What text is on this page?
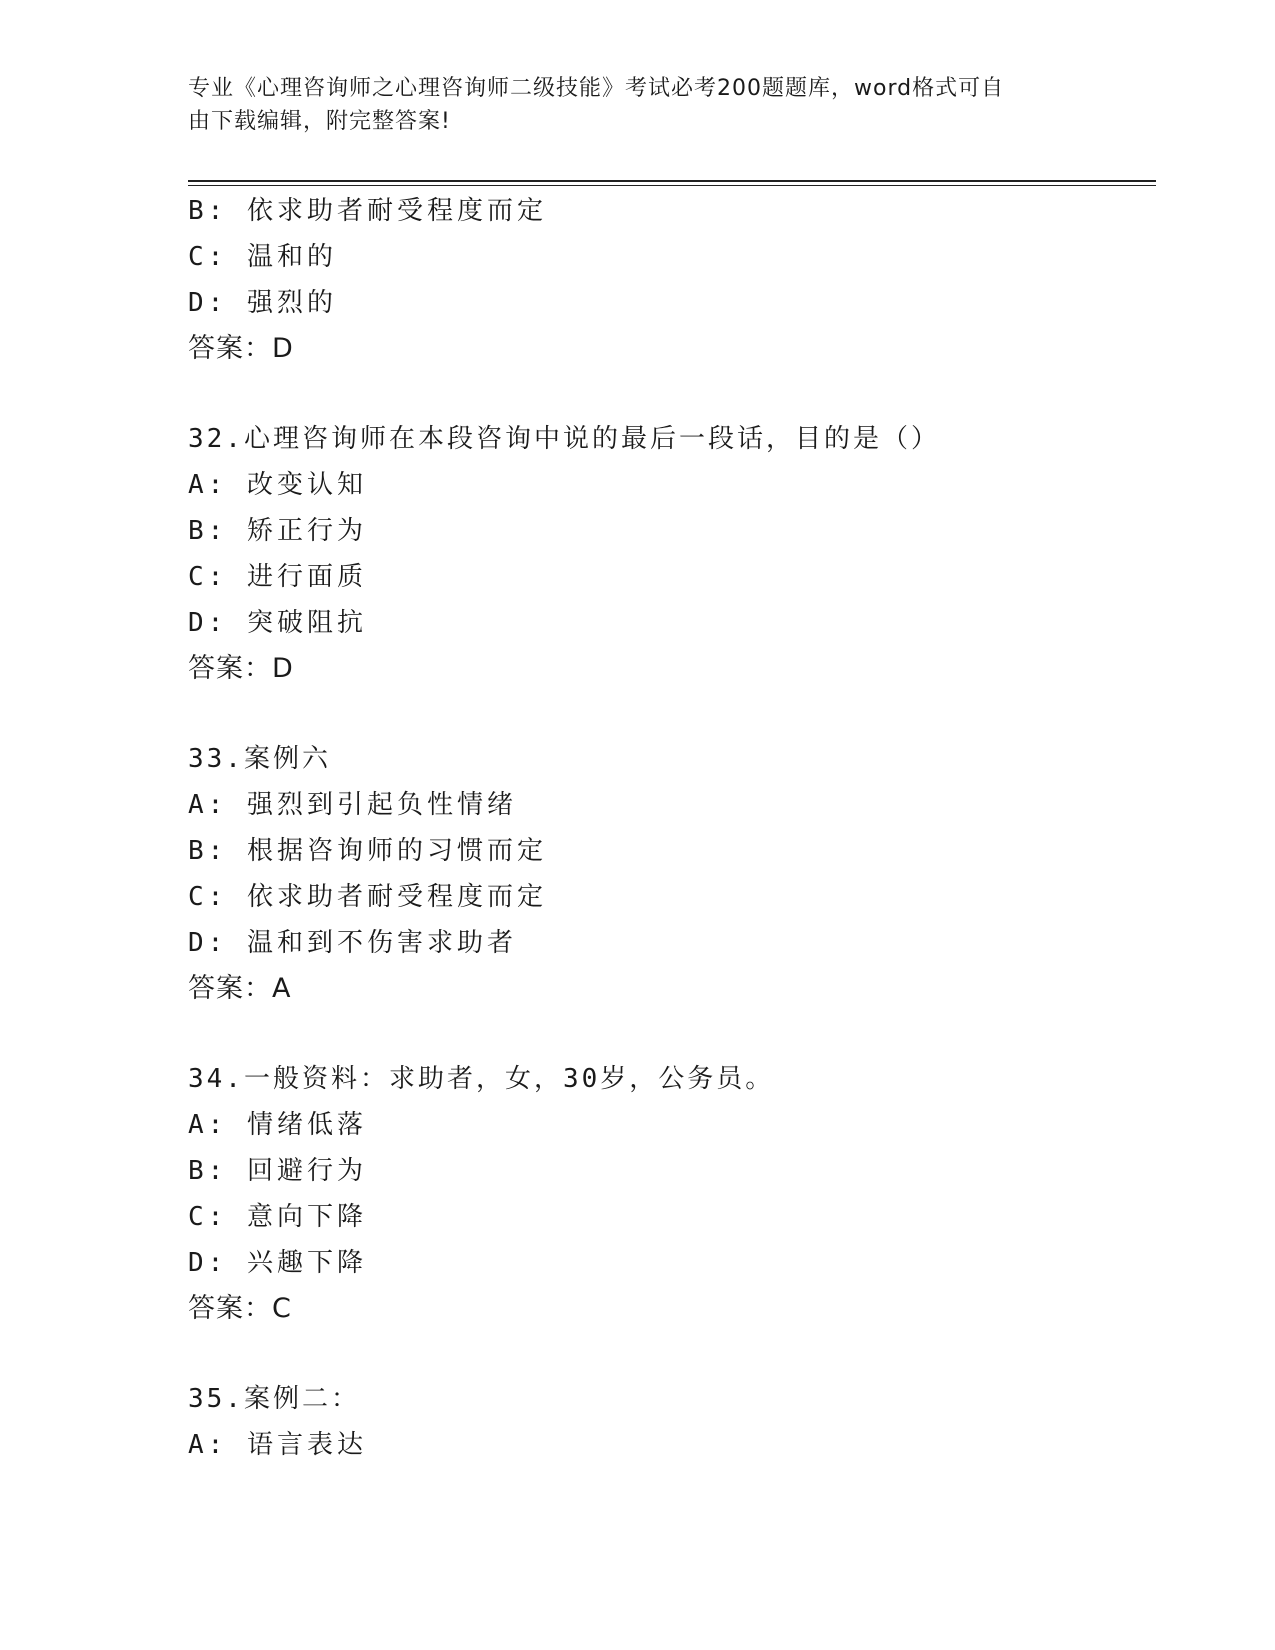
专业《心理咨询师之心理咨询师二级技能》考试必考200题题库，word格式可自
由下载编辑，附完整答案!
B: 依求助者耐受程度而定
C: 温和的
D: 强烈的
答案：D
32.心理咨询师在本段咨询中说的最后一段话，目的是（）
A: 改变认知
B: 矫正行为
C: 进行面质
D: 突破阻抗
答案：D
33.案例六
A: 强烈到引起负性情绪
B: 根据咨询师的习惯而定
C: 依求助者耐受程度而定
D: 温和到不伤害求助者
答案：A
34.一般资料：求助者，女，30岁，公务员。
A: 情绪低落
B: 回避行为
C: 意向下降
D: 兴趣下降
答案：C
35.案例二：
A: 语言表达
